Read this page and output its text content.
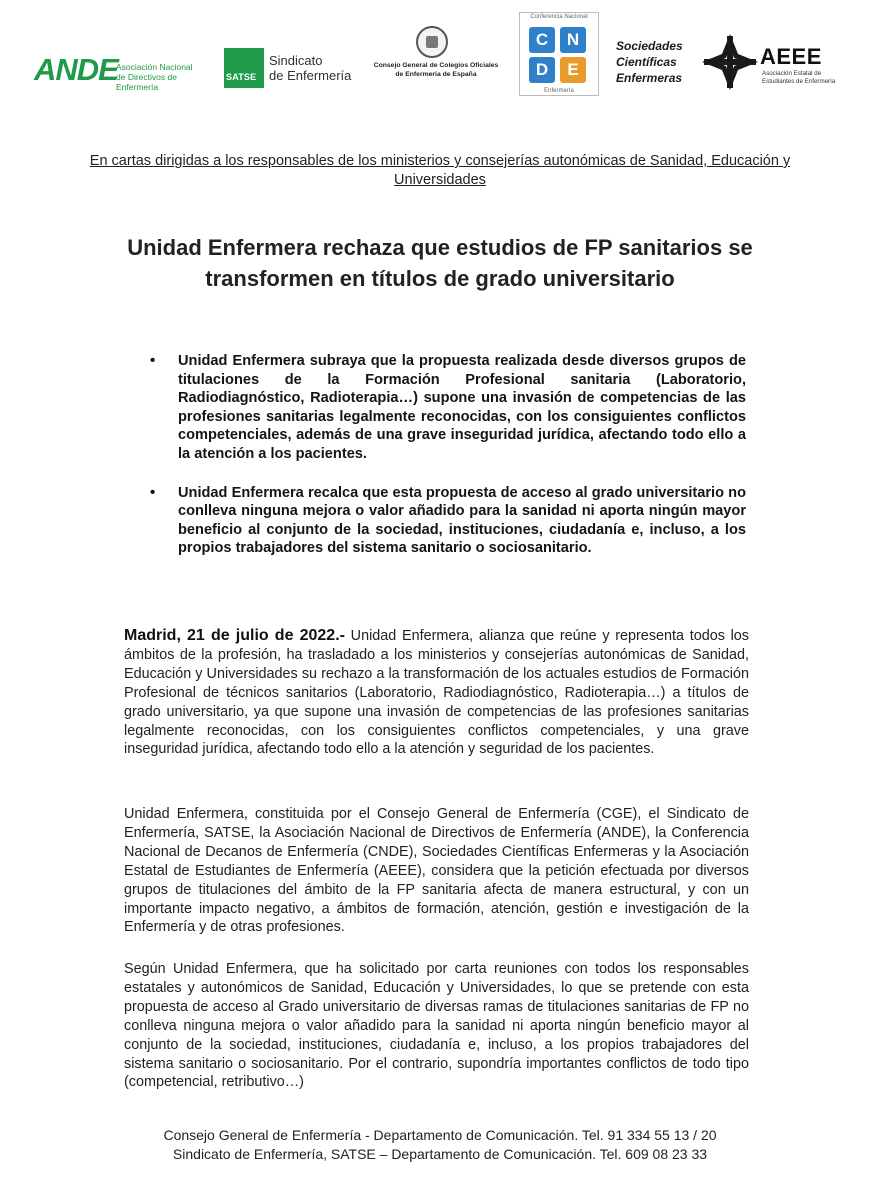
ANDE
Asociación Nacional
de Directivos de Enfermería
SATSE
Sindicato
de Enfermería
Consejo General de Colegios Oficiales
de Enfermería de España
Conferencia Nacional
C	N
D	E
Enfermería
Sociedades
Científicas
Enfermeras
AEEE
Asociación Estatal de
Estudiantes de Enfermería
En cartas dirigidas a los responsables de los ministerios y consejerías autonómicas de Sanidad, Educación y Universidades
Unidad Enfermera rechaza que estudios de FP sanitarios se transformen en títulos de grado universitario
• Unidad Enfermera subraya que la propuesta realizada desde diversos grupos de titulaciones de la Formación Profesional sanitaria (Laboratorio, Radiodiagnóstico, Radioterapia…) supone una invasión de competencias de las profesiones sanitarias legalmente reconocidas, con los consiguientes conflictos competenciales, además de una grave inseguridad jurídica, afectando todo ello a la atención a los pacientes.
• Unidad Enfermera recalca que esta propuesta de acceso al grado universitario no conlleva ninguna mejora o valor añadido para la sanidad ni aporta ningún mayor beneficio al conjunto de la sociedad, instituciones, ciudadanía e, incluso, a los propios trabajadores del sistema sanitario o sociosanitario.

Madrid, 21 de julio de 2022.- Unidad Enfermera, alianza que reúne y representa todos los ámbitos de la profesión, ha trasladado a los ministerios y consejerías autonómicas de Sanidad, Educación y Universidades su rechazo a la transformación de los actuales estudios de Formación Profesional de técnicos sanitarios (Laboratorio, Radiodiagnóstico, Radioterapia…) a títulos de grado universitario, ya que supone una invasión de competencias de las profesiones sanitarias legalmente reconocidas, con los consiguientes conflictos competenciales, y una grave inseguridad jurídica, afectando todo ello a la atención y seguridad de los pacientes.

Unidad Enfermera, constituida por el Consejo General de Enfermería (CGE), el Sindicato de Enfermería, SATSE, la Asociación Nacional de Directivos de Enfermería (ANDE), la Conferencia Nacional de Decanos de Enfermería (CNDE), Sociedades Científicas Enfermeras y la Asociación Estatal de Estudiantes de Enfermería (AEEE), considera que la petición efectuada por diversos grupos de titulaciones del ámbito de la FP sanitaria afecta de manera estructural, y con un importante impacto negativo, a ámbitos de formación, atención, gestión e investigación de la Enfermería y de otras profesiones.

Según Unidad Enfermera, que ha solicitado por carta reuniones con todos los responsables estatales y autonómicos de Sanidad, Educación y Universidades, lo que se pretende con esta propuesta de acceso al Grado universitario de diversas ramas de titulaciones sanitarias de FP no conlleva ninguna mejora o valor añadido para la sanidad ni aporta ningún beneficio mayor al conjunto de la sociedad, instituciones, ciudadanía e, incluso, a los propios trabajadores del sistema sanitario o sociosanitario. Por el contrario, supondría importantes conflictos de todo tipo (competencial, retributivo…)

Consejo General de Enfermería - Departamento de Comunicación. Tel. 91 334 55 13 / 20
Sindicato de Enfermería, SATSE – Departamento de Comunicación. Tel. 609 08 23 33
